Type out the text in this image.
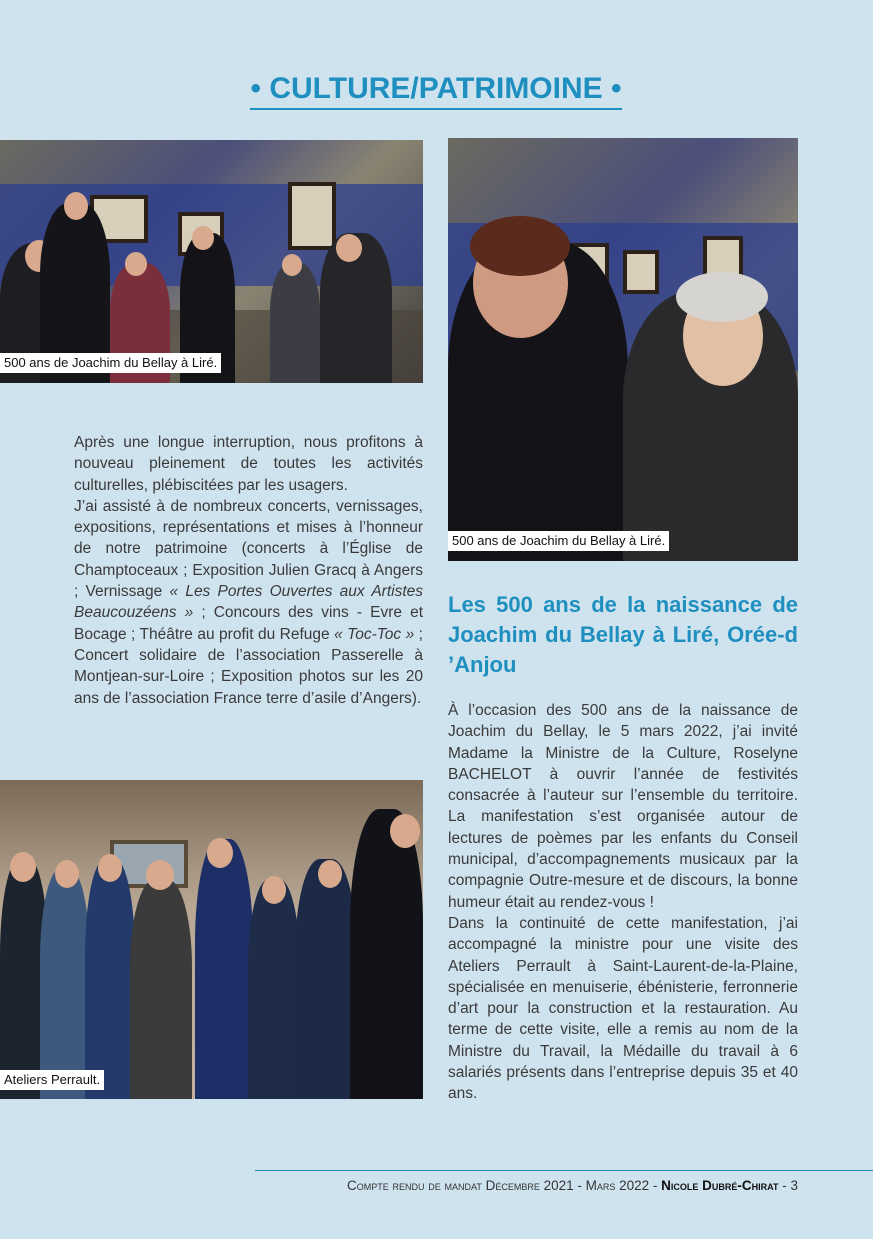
• CULTURE/PATRIMOINE •
500 ans de Joachim du Bellay à Liré.
500 ans de Joachim du Bellay à Liré.

Après une longue interruption, nous profitons à nouveau pleinement de toutes les activités culturelles, plébiscitées par les usagers.

J’ai assisté à de nombreux concerts, vernissages, expositions, représentations et mises à l’honneur de notre patrimoine (concerts à l’Église de Champtoceaux ; Exposition Julien Gracq à Angers ; Vernissage « Les Portes Ouvertes aux Artistes Beaucouzéens » ; Concours des vins - Evre et Bocage ; Théâtre au profit du Refuge « Toc-Toc » ; Concert solidaire de l’association Passerelle à Montjean-sur-Loire ; Exposition photos sur les 20 ans de l’association France terre d’asile d’Angers).

Les 500 ans de la naissance de Joachim du Bellay à Liré, Orée-d ’Anjou

À l’occasion des 500 ans de la naissance de Joachim du Bellay, le 5 mars 2022, j’ai invité Madame la Ministre de la Culture, Roselyne BACHELOT à ouvrir l’année de festivités consacrée à l’auteur sur l’ensemble du territoire. La manifestation s’est organisée autour de lectures de poèmes par les enfants du Conseil municipal, d’accompagnements musicaux par la compagnie Outre-mesure et de discours, la bonne humeur était au rendez-vous !

Dans la continuité de cette manifestation, j’ai accompagné la ministre pour une visite des Ateliers Perrault à Saint-Laurent-de-la-Plaine, spécialisée en menuiserie, ébénisterie, ferronnerie d’art pour la construction et la restauration. Au terme de cette visite, elle a remis au nom de la Ministre du Travail, la Médaille du travail à 6 salariés présents dans l’entreprise depuis 35 et 40 ans.

Ateliers Perrault.
Compte rendu de mandat Décembre 2021 - Mars 2022 - Nicole Dubré-Chirat - 3
